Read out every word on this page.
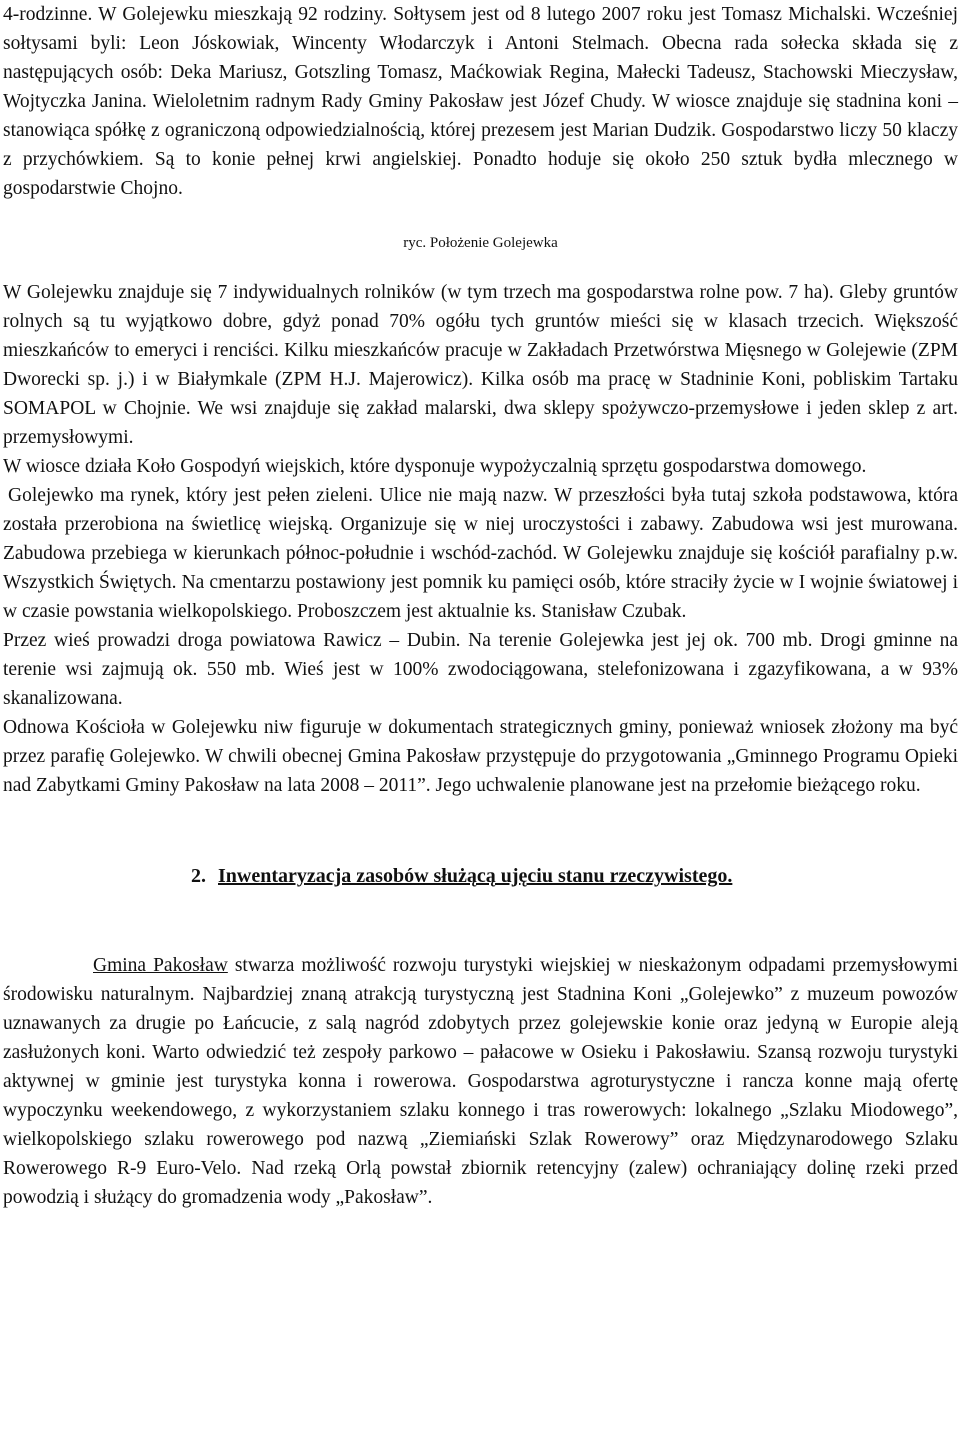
4-rodzinne. W Golejewku mieszkają 92 rodziny. Sołtysem jest od 8 lutego 2007 roku jest Tomasz Michalski. Wcześniej sołtysami byli: Leon Jóskowiak, Wincenty Włodarczyk i Antoni Stelmach. Obecna rada sołecka składa się z następujących osób: Deka Mariusz, Gotszling Tomasz, Maćkowiak Regina, Małecki Tadeusz, Stachowski Mieczysław, Wojtyczka Janina. Wieloletnim radnym Rady Gminy Pakosław jest Józef Chudy. W wiosce znajduje się stadnina koni – stanowiąca spółkę z ograniczoną odpowiedzialnością, której prezesem jest Marian Dudzik. Gospodarstwo liczy 50 klaczy z przychówkiem. Są to konie pełnej krwi angielskiej. Ponadto hoduje się około 250 sztuk bydła mlecznego w gospodarstwie Chojno.

ryc. Położenie Golejewka

W Golejewku znajduje się 7 indywidualnych rolników (w tym trzech ma gospodarstwa rolne pow. 7 ha). Gleby gruntów rolnych są tu wyjątkowo dobre, gdyż ponad 70% ogółu tych gruntów mieści się w klasach trzecich. Większość mieszkańców to emeryci i renciści. Kilku mieszkańców pracuje w Zakładach Przetwórstwa Mięsnego w Golejewie (ZPM Dworecki sp. j.) i w Białymkale (ZPM H.J. Majerowicz). Kilka osób ma pracę w Stadninie Koni, pobliskim Tartaku SOMAPOL w Chojnie. We wsi znajduje się zakład malarski, dwa sklepy spożywczo-przemysłowe i jeden sklep z art. przemysłowymi.

W wiosce działa Koło Gospodyń wiejskich, które dysponuje wypożyczalnią sprzętu gospodarstwa domowego.

Golejewko ma rynek, który jest pełen zieleni. Ulice nie mają nazw. W przeszłości była tutaj szkoła podstawowa, która została przerobiona na świetlicę wiejską. Organizuje się w niej uroczystości i zabawy. Zabudowa wsi jest murowana. Zabudowa przebiega w kierunkach północ-południe i wschód-zachód. W Golejewku znajduje się kościół parafialny p.w. Wszystkich Świętych. Na cmentarzu postawiony jest pomnik ku pamięci osób, które straciły życie w I wojnie światowej i w czasie powstania wielkopolskiego. Proboszczem jest aktualnie ks. Stanisław Czubak.

Przez wieś prowadzi droga powiatowa Rawicz – Dubin. Na terenie Golejewka jest jej ok. 700 mb. Drogi gminne na terenie wsi zajmują ok. 550 mb. Wieś jest w 100% zwodociągowana, stelefonizowana i zgazyfikowana, a w 93% skanalizowana.

Odnowa Kościoła w Golejewku niw figuruje w dokumentach strategicznych gminy, ponieważ wniosek złożony ma być przez parafię Golejewko. W chwili obecnej Gmina Pakosław przystępuje do przygotowania „Gminnego Programu Opieki nad Zabytkami Gminy Pakosław na lata 2008 – 2011”. Jego uchwalenie planowane jest na przełomie bieżącego roku.

2. Inwentaryzacja zasobów służącą ujęciu stanu rzeczywistego.

Gmina Pakosław stwarza możliwość rozwoju turystyki wiejskiej w nieskażonym odpadami przemysłowymi środowisku naturalnym. Najbardziej znaną atrakcją turystyczną jest Stadnina Koni „Golejewko” z muzeum powozów uznawanych za drugie po Łańcucie, z salą nagród zdobytych przez golejewskie konie oraz jedyną w Europie aleją zasłużonych koni. Warto odwiedzić też zespoły parkowo – pałacowe w Osieku i Pakosławiu. Szansą rozwoju turystyki aktywnej w gminie jest turystyka konna i rowerowa. Gospodarstwa agroturystyczne i rancza konne mają ofertę wypoczynku weekendowego, z wykorzystaniem szlaku konnego i tras rowerowych: lokalnego „Szlaku Miodowego”, wielkopolskiego szlaku rowerowego pod nazwą „Ziemiański Szlak Rowerowy” oraz Międzynarodowego Szlaku Rowerowego R-9 Euro-Velo. Nad rzeką Orlą powstał zbiornik retencyjny (zalew) ochraniający dolinę rzeki przed powodzią i służący do gromadzenia wody „Pakosław”.
